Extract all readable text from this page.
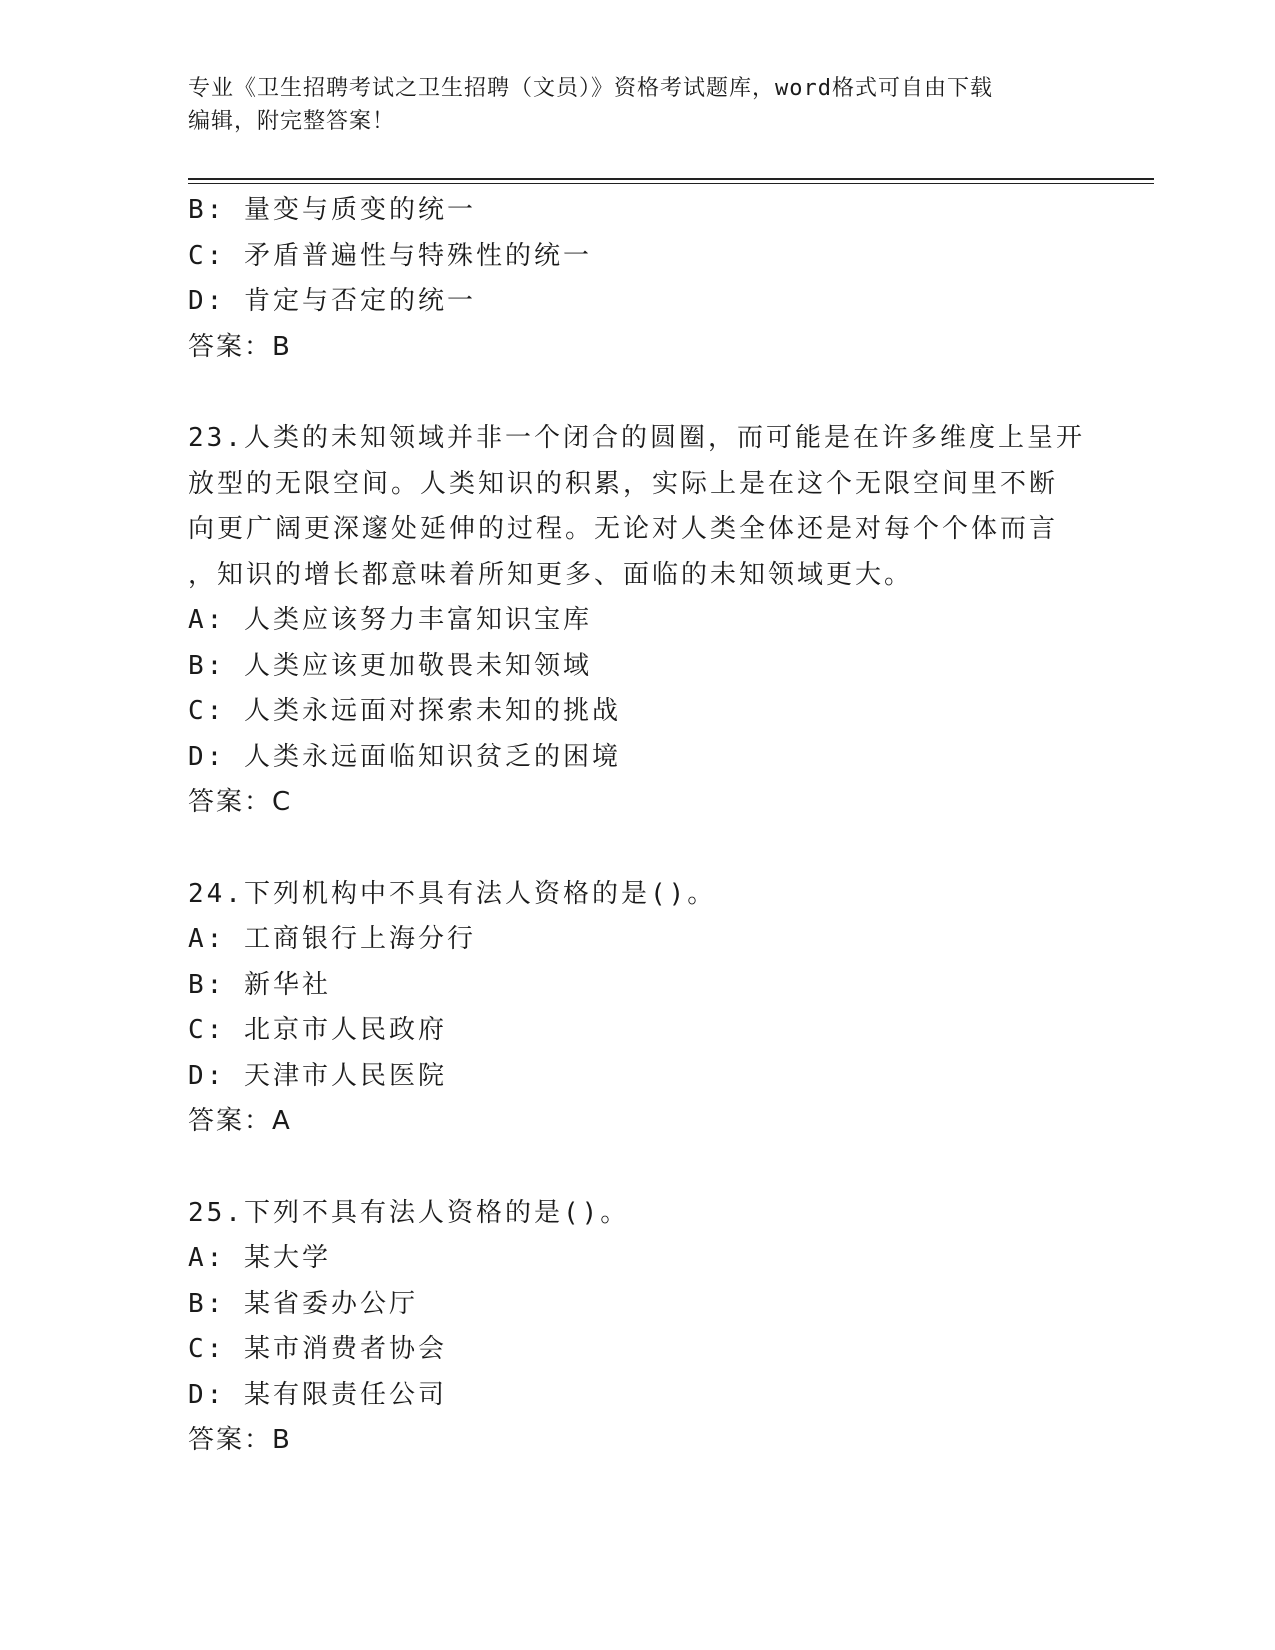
专业《卫生招聘考试之卫生招聘（文员）》资格考试题库，word格式可自由下载
编辑，附完整答案！
B: 量变与质变的统一
C: 矛盾普遍性与特殊性的统一
D: 肯定与否定的统一
答案：B
23.人类的未知领域并非一个闭合的圆圈，而可能是在许多维度上呈开
放型的无限空间。人类知识的积累，实际上是在这个无限空间里不断
向更广阔更深邃处延伸的过程。无论对人类全体还是对每个个体而言
，知识的增长都意味着所知更多、面临的未知领域更大。
A: 人类应该努力丰富知识宝库
B: 人类应该更加敬畏未知领域
C: 人类永远面对探索未知的挑战
D: 人类永远面临知识贫乏的困境
答案：C
24.下列机构中不具有法人资格的是()。
A: 工商银行上海分行
B: 新华社
C: 北京市人民政府
D: 天津市人民医院
答案：A
25.下列不具有法人资格的是()。
A: 某大学
B: 某省委办公厅
C: 某市消费者协会
D: 某有限责任公司
答案：B
